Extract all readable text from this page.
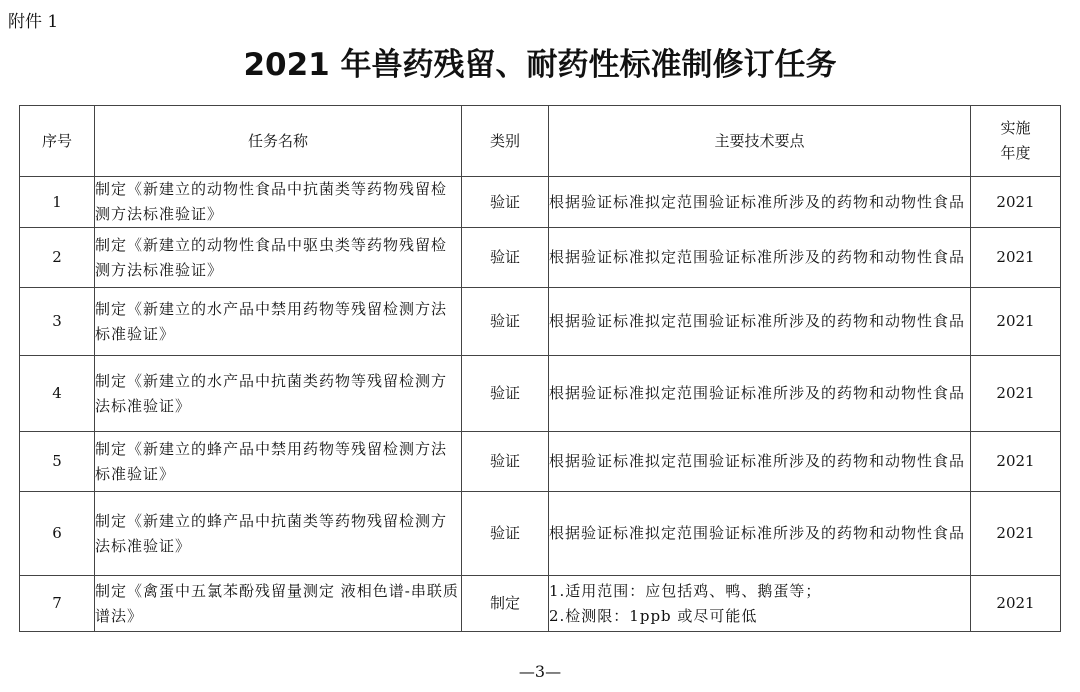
附件 1
2021 年兽药残留、耐药性标准制修订任务
序号	任务名称	类别	主要技术要点	实施
年度

1	制定《新建立的动物性食品中抗菌类等药物残留检测方法标准验证》	验证	根据验证标准拟定范围验证标准所涉及的药物和动物性食品	2021
2	制定《新建立的动物性食品中驱虫类等药物残留检测方法标准验证》	验证	根据验证标准拟定范围验证标准所涉及的药物和动物性食品	2021
3	制定《新建立的水产品中禁用药物等残留检测方法标准验证》	验证	根据验证标准拟定范围验证标准所涉及的药物和动物性食品	2021
4	制定《新建立的水产品中抗菌类药物等残留检测方法标准验证》	验证	根据验证标准拟定范围验证标准所涉及的药物和动物性食品	2021
5	制定《新建立的蜂产品中禁用药物等残留检测方法标准验证》	验证	根据验证标准拟定范围验证标准所涉及的药物和动物性食品	2021
6	制定《新建立的蜂产品中抗菌类等药物残留检测方法标准验证》	验证	根据验证标准拟定范围验证标准所涉及的药物和动物性食品	2021
7	制定《禽蛋中五氯苯酚残留量测定 液相色谱-串联质谱法》	制定	1.适用范围：应包括鸡、鸭、鹅蛋等；
2.检测限：1ppb 或尽可能低	2021
—3—
